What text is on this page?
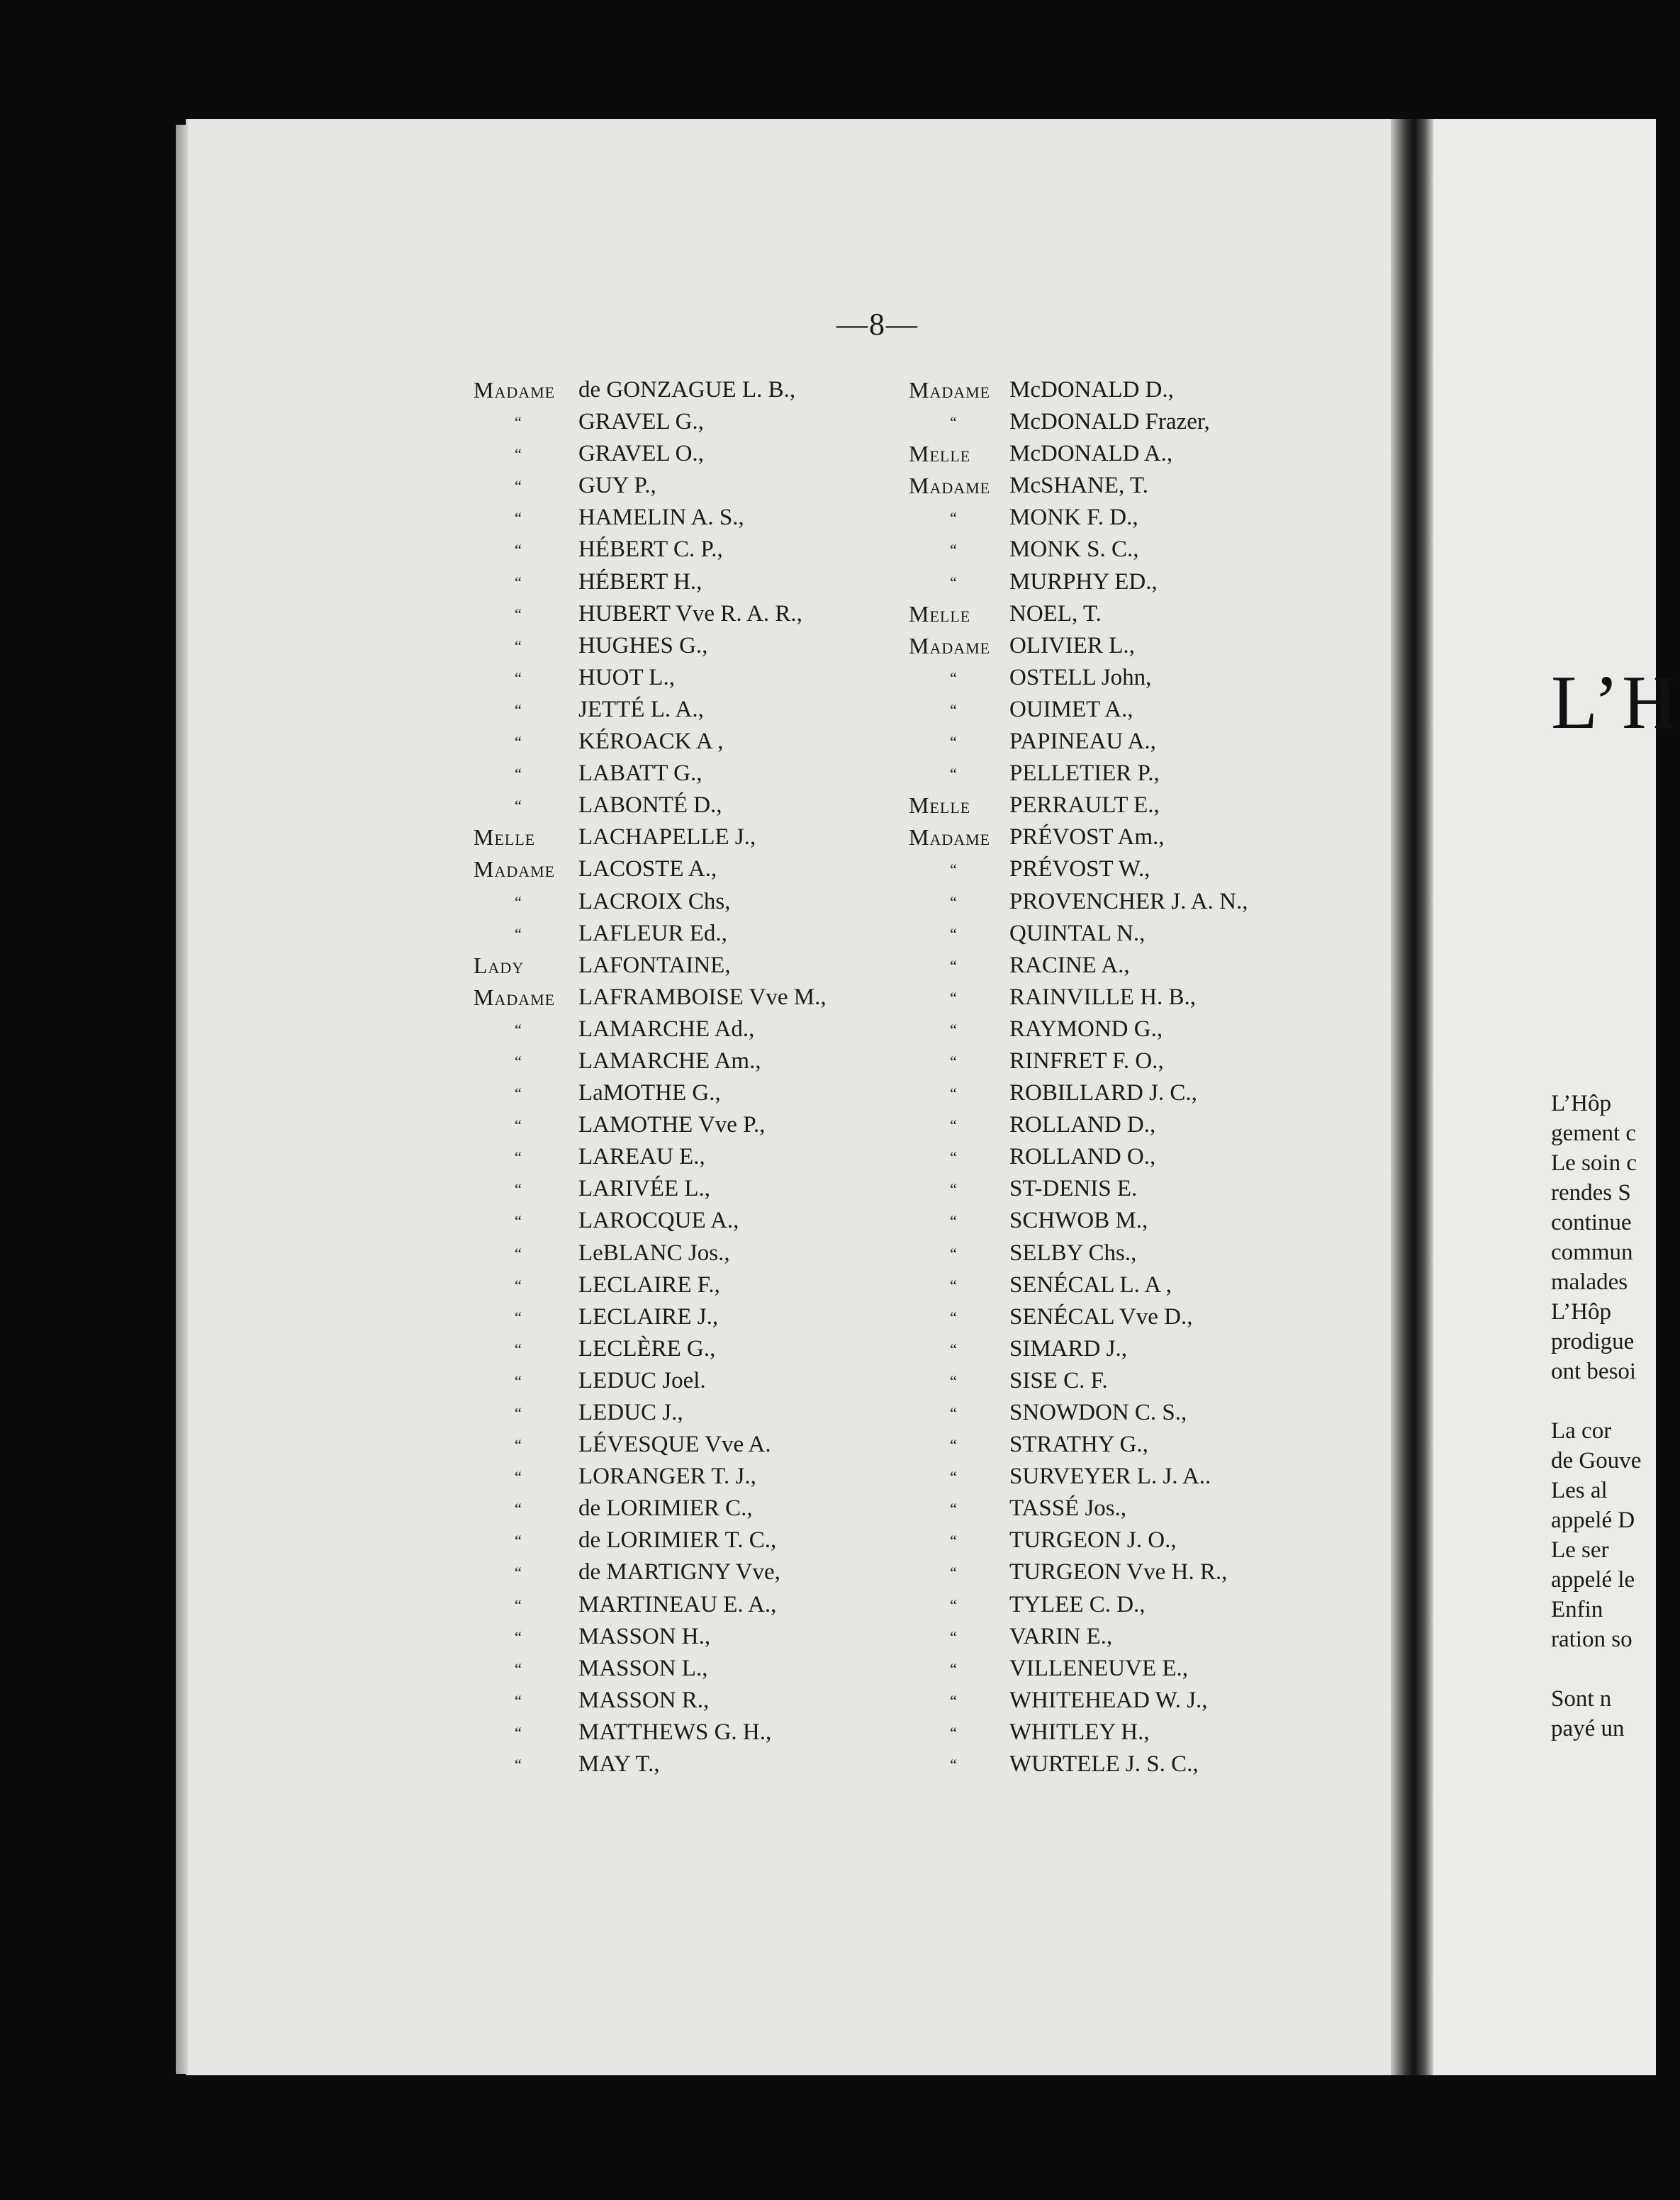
—8—
Madame de GONZAGUE L. B.,
“ GRAVEL G.,
“ GRAVEL O.,
“ GUY P.,
“ HAMELIN A. S.,
“ HÉBERT C. P.,
“ HÉBERT H.,
“ HUBERT Vve R. A. R.,
“ HUGHES G.,
“ HUOT L.,
“ JETTÉ L. A.,
“ KÉROACK A ,
“ LABATT G.,
“ LABONTÉ D.,
Melle LACHAPELLE J.,
Madame LACOSTE A.,
“ LACROIX Chs,
“ LAFLEUR Ed.,
Lady LAFONTAINE,
Madame LAFRAMBOISE Vve M.,
“ LAMARCHE Ad.,
“ LAMARCHE Am.,
“ LaMOTHE G.,
“ LAMOTHE Vve P.,
“ LAREAU E.,
“ LARIVÉE L.,
“ LAROCQUE A.,
“ LeBLANC Jos.,
“ LECLAIRE F.,
“ LECLAIRE J.,
“ LECLÈRE G.,
“ LEDUC Joel.
“ LEDUC J.,
“ LÉVESQUE Vve A.
“ LORANGER T. J.,
“ de LORIMIER C.,
“ de LORIMIER T. C.,
“ de MARTIGNY Vve,
“ MARTINEAU E. A.,
“ MASSON H.,
“ MASSON L.,
“ MASSON R.,
“ MATTHEWS G. H.,
“ MAY T.,
Madame McDONALD D.,
“ McDONALD Frazer,
Melle McDONALD A.,
Madame McSHANE, T.
“ MONK F. D.,
“ MONK S. C.,
“ MURPHY ED.,
Melle NOEL, T.
Madame OLIVIER L.,
“ OSTELL John,
“ OUIMET A.,
“ PAPINEAU A.,
“ PELLETIER P.,
Melle PERRAULT E.,
Madame PRÉVOST Am.,
“ PRÉVOST W.,
“ PROVENCHER J. A. N.,
“ QUINTAL N.,
“ RACINE A.,
“ RAINVILLE H. B.,
“ RAYMOND G.,
“ RINFRET F. O.,
“ ROBILLARD J. C.,
“ ROLLAND D.,
“ ROLLAND O.,
“ ST-DENIS E.
“ SCHWOB M.,
“ SELBY Chs.,
“ SENÉCAL L. A ,
“ SENÉCAL Vve D.,
“ SIMARD J.,
“ SISE C. F.
“ SNOWDON C. S.,
“ STRATHY G.,
“ SURVEYER L. J. A..
“ TASSÉ Jos.,
“ TURGEON J. O.,
“ TURGEON Vve H. R.,
“ TYLEE C. D.,
“ VARIN E.,
“ VILLENEUVE E.,
“ WHITEHEAD W. J.,
“ WHITLEY H.,
“ WURTELE J. S. C.,
L’H
L’Hôp
gement c
Le soin c
rendes S
continue
commun
malades
L’Hôp
prodigue
ont besoi
La cor
de Gouve
Les al
appelé D
Le ser
appelé le
Enfin
ration so
Sont n
payé un
